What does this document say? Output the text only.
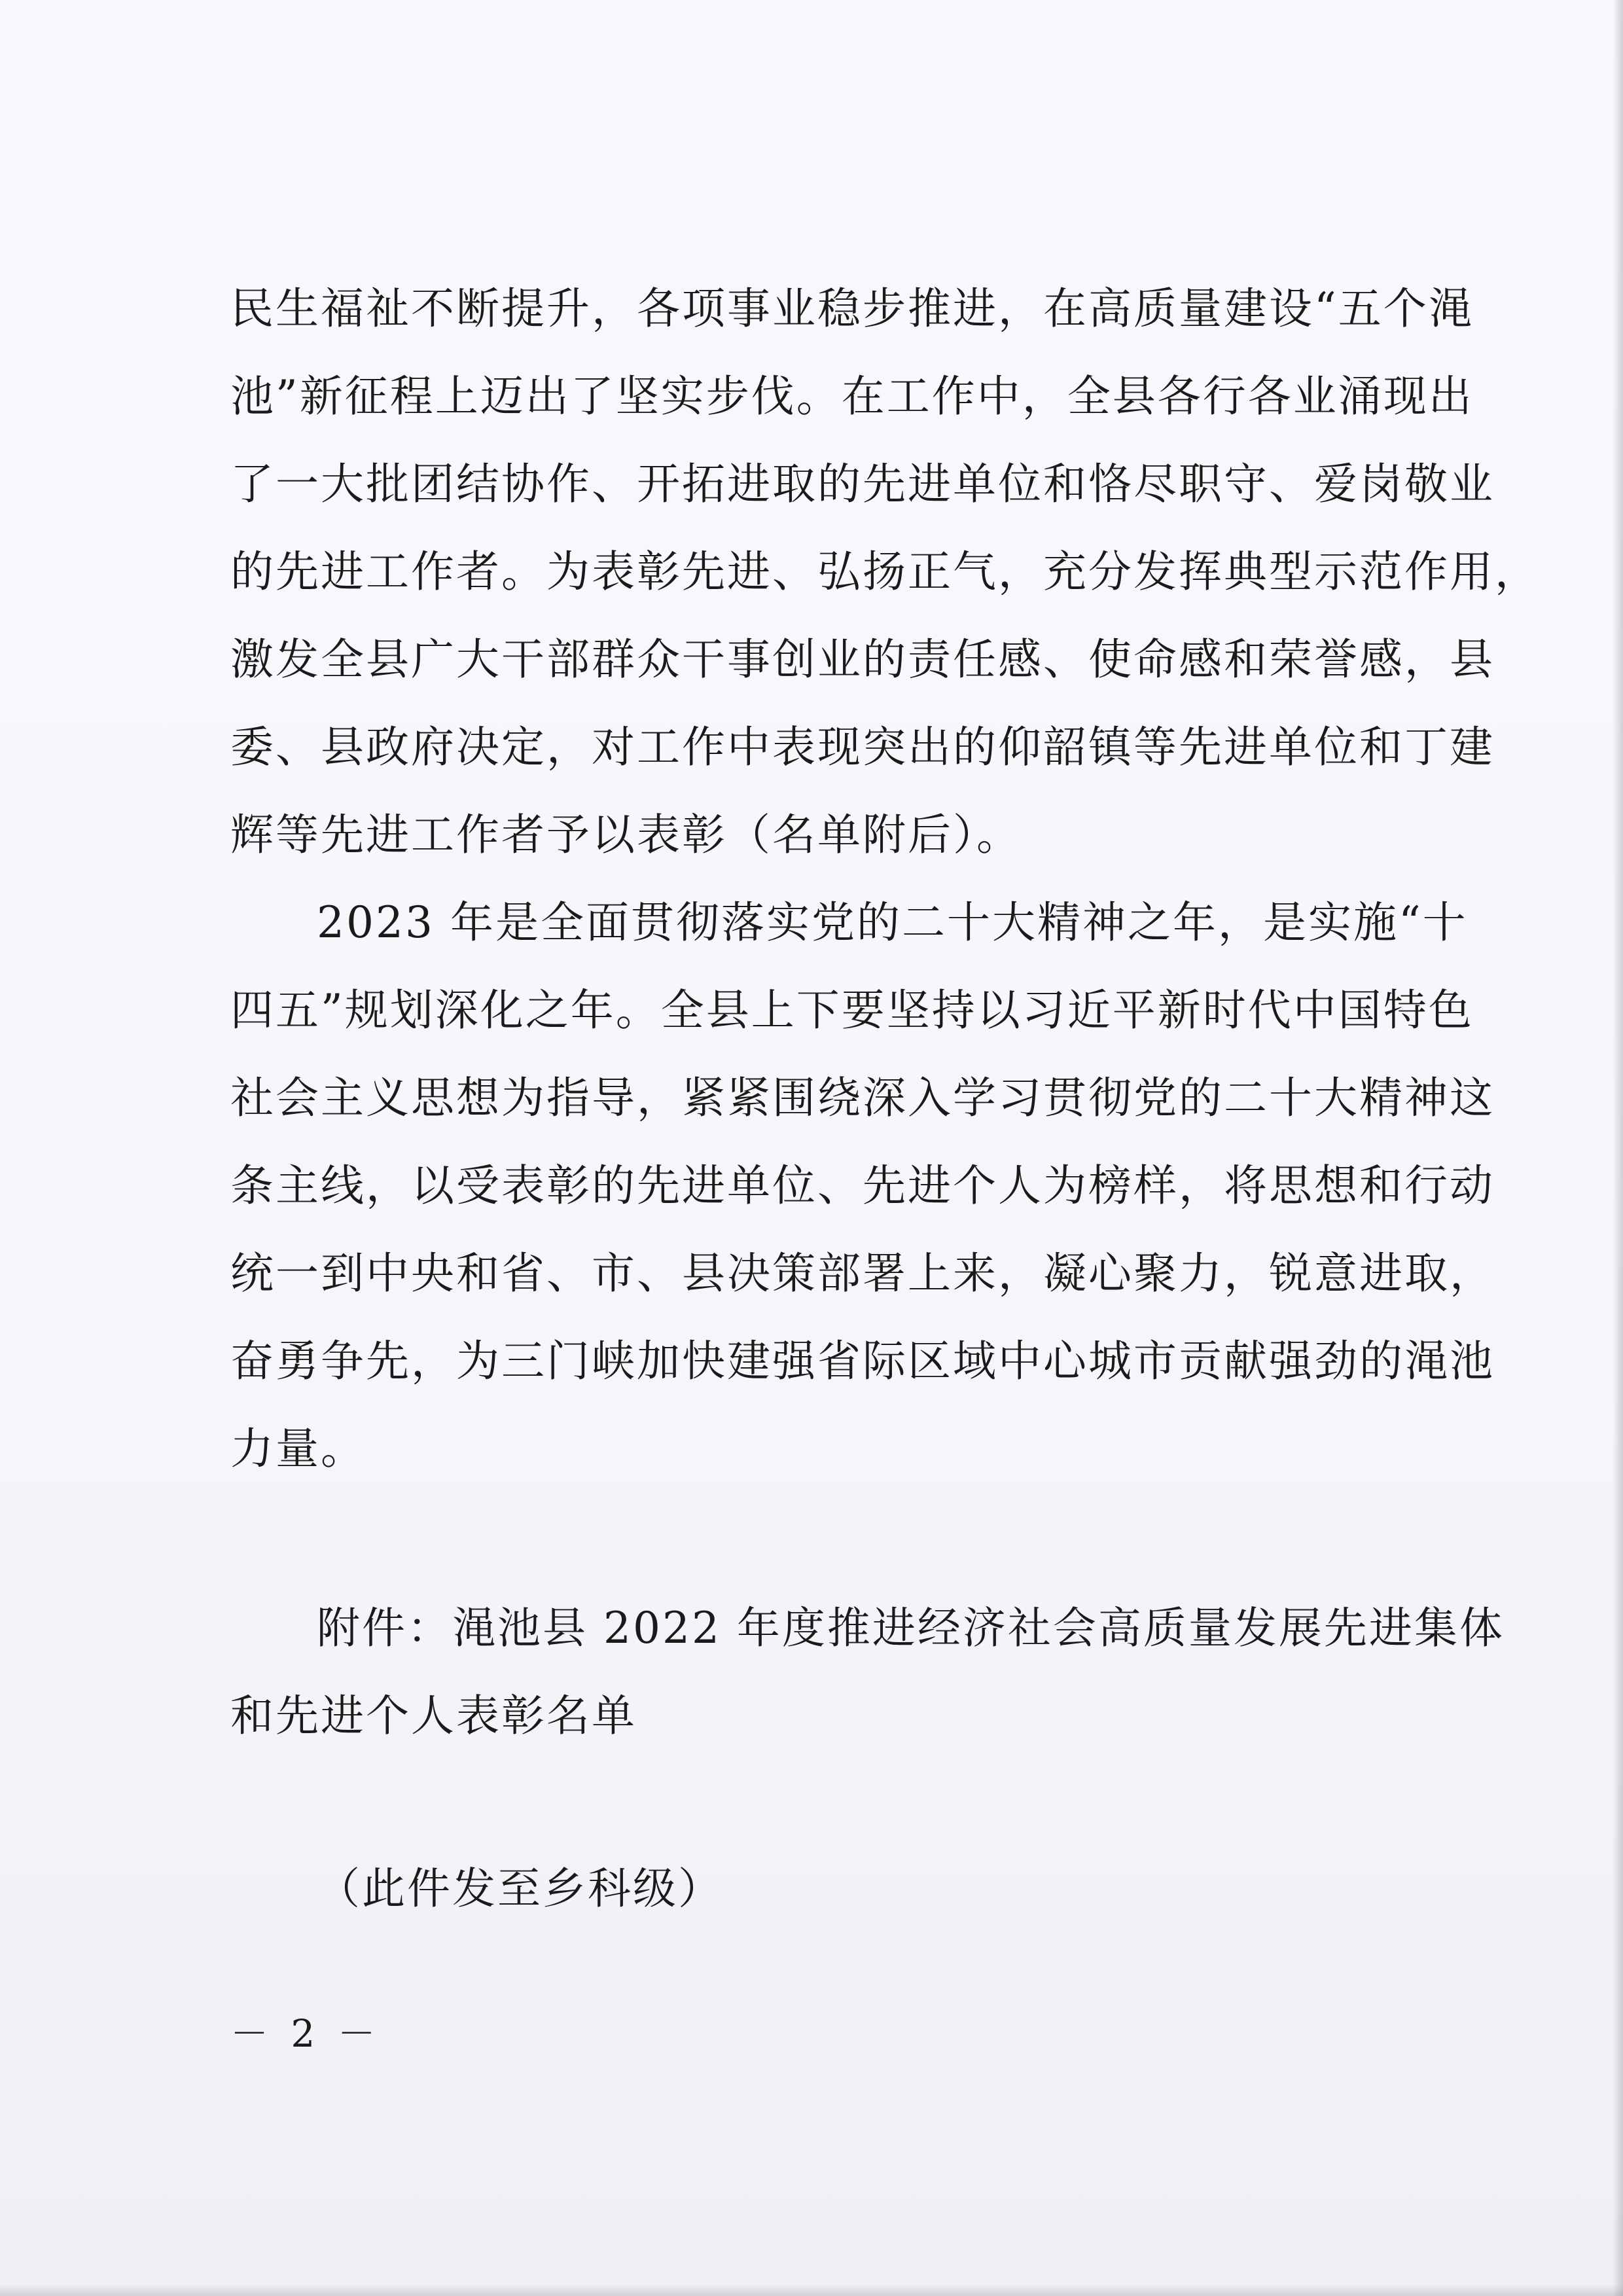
民生福祉不断提升，各项事业稳步推进，在高质量建设“五个渑
池”新征程上迈出了坚实步伐。在工作中，全县各行各业涌现出
了一大批团结协作、开拓进取的先进单位和恪尽职守、爱岗敬业
的先进工作者。为表彰先进、弘扬正气，充分发挥典型示范作用，
激发全县广大干部群众干事创业的责任感、使命感和荣誉感，县
委、县政府决定，对工作中表现突出的仰韶镇等先进单位和丁建
辉等先进工作者予以表彰（名单附后）。
2023 年是全面贯彻落实党的二十大精神之年，是实施“十
四五”规划深化之年。全县上下要坚持以习近平新时代中国特色
社会主义思想为指导，紧紧围绕深入学习贯彻党的二十大精神这
条主线，以受表彰的先进单位、先进个人为榜样，将思想和行动
统一到中央和省、市、县决策部署上来，凝心聚力，锐意进取，
奋勇争先，为三门峡加快建强省际区域中心城市贡献强劲的渑池
力量。
附件：渑池县 2022 年度推进经济社会高质量发展先进集体
和先进个人表彰名单
（此件发至乡科级）
－ 2 －
